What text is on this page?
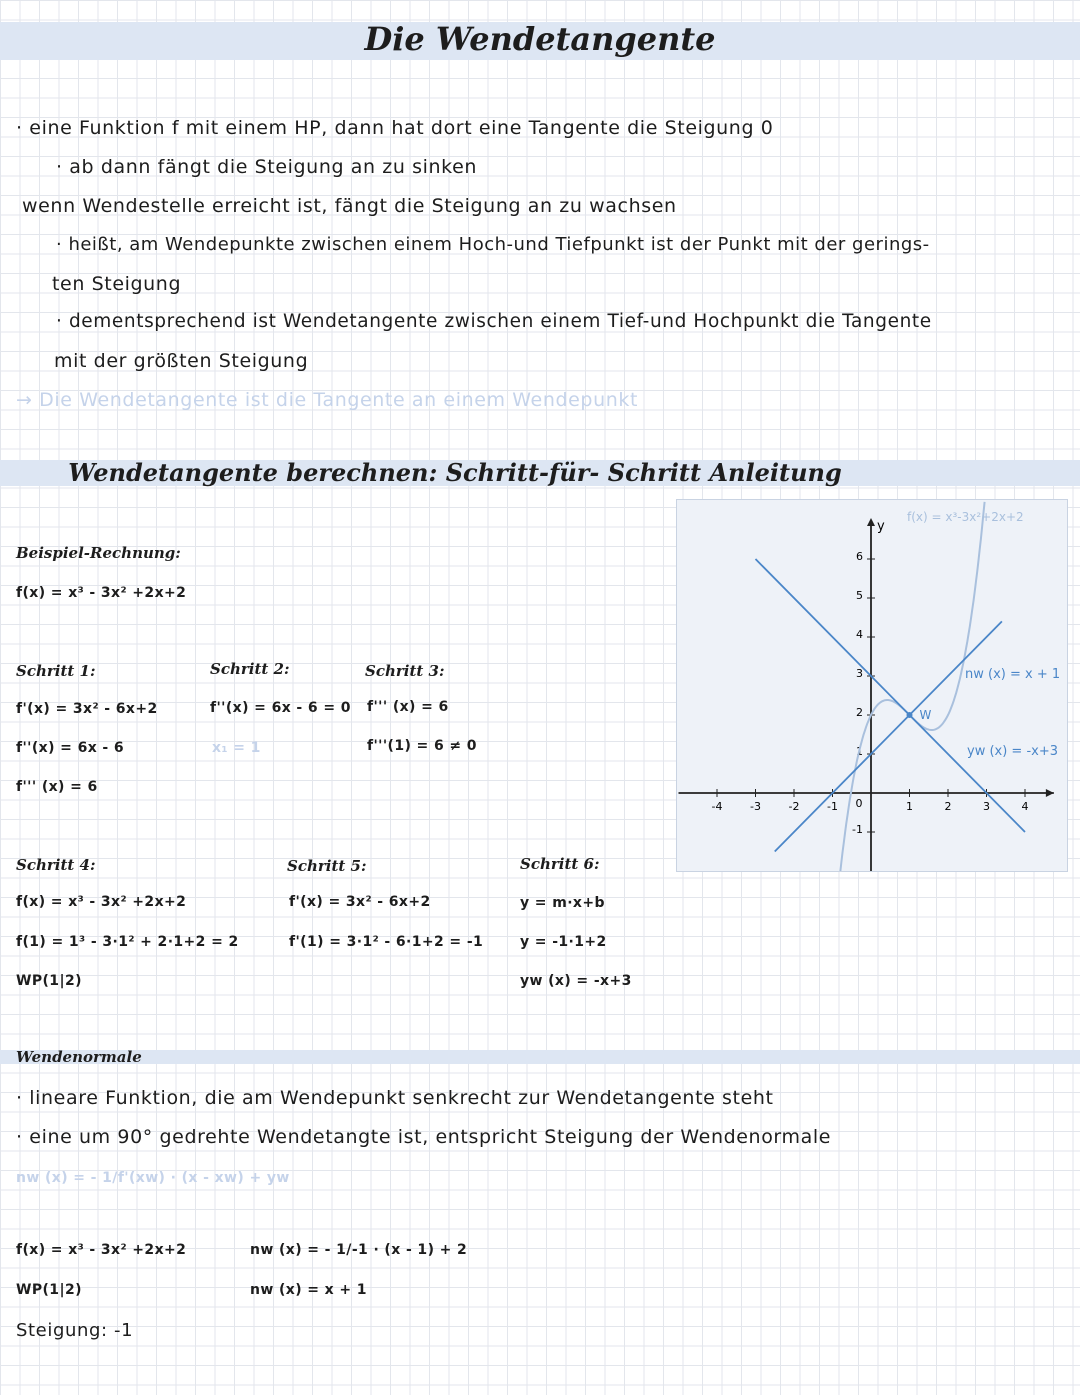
Die Wendetangente
· eine Funktion f mit einem HP, dann hat dort eine Tangente die Steigung 0
· ab dann fängt die Steigung an zu sinken
wenn Wendestelle erreicht ist, fängt die Steigung an zu wachsen
· heißt, am Wendepunkte zwischen einem Hoch-und Tiefpunkt ist der Punkt mit der gerings-
ten Steigung
· dementsprechend ist Wendetangente zwischen einem Tief-und Hochpunkt die Tangente
mit der größten Steigung
→ Die Wendetangente ist die Tangente an einem Wendepunkt
Wendetangente berechnen: Schritt-für- Schritt Anleitung
Beispiel-Rechnung:
f(x) = x³ - 3x² +2x+2
Schritt 1:
f'(x) = 3x² - 6x+2
f''(x) = 6x - 6
f''' (x) = 6
Schritt 2:
f''(x) = 6x - 6 = 0
x₁ = 1
Schritt 3:
f''' (x) = 6
f'''(1) = 6 ≠ 0
y
-4	-3	-2	-1	1	2	3	4
6
5
4
3
2
1
-1
0
W
f(x) = x³-3x²+2x+2
nw (x) = x + 1
yw (x) = -x+3
Schritt 4:
f(x) = x³ - 3x² +2x+2
f(1) = 1³ - 3·1² + 2·1+2 = 2
WP(1|2)
Schritt 5:
f'(x) = 3x² - 6x+2
f'(1) = 3·1² - 6·1+2 = -1
Schritt 6:
y = m·x+b
y = -1·1+2
yw (x) = -x+3
Wendenormale
· lineare Funktion, die am Wendepunkt senkrecht zur Wendetangente steht
· eine um 90° gedrehte Wendetangte ist, entspricht Steigung der Wendenormale
nw (x) = - 1/f'(xw) · (x - xw) + yw
f(x) = x³ - 3x² +2x+2
WP(1|2)
Steigung: -1
nw (x) = - 1/-1 · (x - 1) + 2
nw (x) = x + 1
